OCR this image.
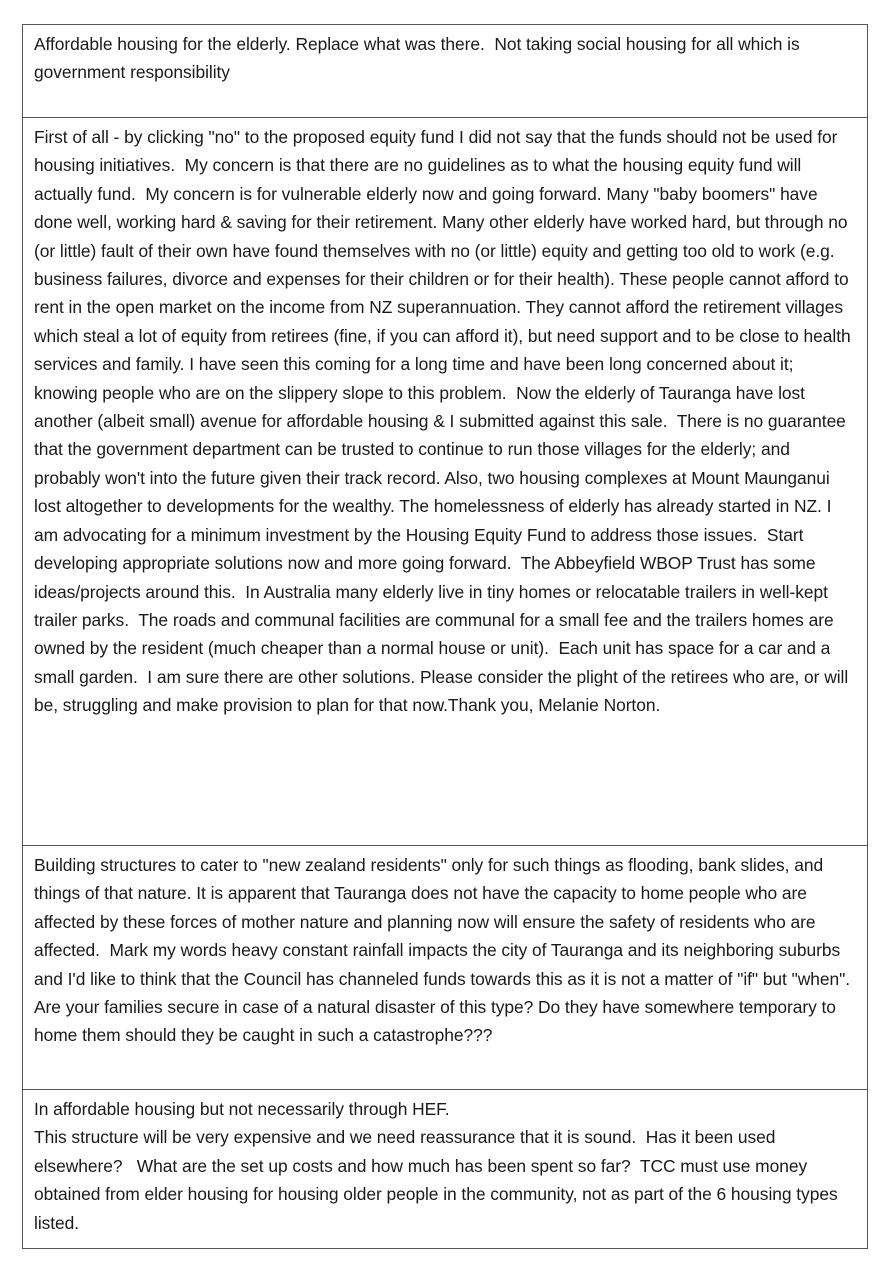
Affordable housing for the elderly. Replace what was there.  Not taking social housing for all which is government responsibility

First of all - by clicking "no" to the proposed equity fund I did not say that the funds should not be used for housing initiatives.  My concern is that there are no guidelines as to what the housing equity fund will actually fund.  My concern is for vulnerable elderly now and going forward. Many "baby boomers" have done well, working hard & saving for their retirement. Many other elderly have worked hard, but through no (or little) fault of their own have found themselves with no (or little) equity and getting too old to work (e.g. business failures, divorce and expenses for their children or for their health). These people cannot afford to rent in the open market on the income from NZ superannuation. They cannot afford the retirement villages which steal a lot of equity from retirees (fine, if you can afford it), but need support and to be close to health services and family. I have seen this coming for a long time and have been long concerned about it; knowing people who are on the slippery slope to this problem.  Now the elderly of Tauranga have lost another (albeit small) avenue for affordable housing & I submitted against this sale.  There is no guarantee that the government department can be trusted to continue to run those villages for the elderly; and probably won't into the future given their track record. Also, two housing complexes at Mount Maunganui lost altogether to developments for the wealthy. The homelessness of elderly has already started in NZ. I am advocating for a minimum investment by the Housing Equity Fund to address those issues.  Start developing appropriate solutions now and more going forward.  The Abbeyfield WBOP Trust has some ideas/projects around this.  In Australia many elderly live in tiny homes or relocatable trailers in well-kept trailer parks.  The roads and communal facilities are communal for a small fee and the trailers homes are owned by the resident (much cheaper than a normal house or unit).  Each unit has space for a car and a small garden.  I am sure there are other solutions. Please consider the plight of the retirees who are, or will be, struggling and make provision to plan for that now.Thank you, Melanie Norton.

Building structures to cater to "new zealand residents" only for such things as flooding, bank slides, and things of that nature. It is apparent that Tauranga does not have the capacity to home people who are affected by these forces of mother nature and planning now will ensure the safety of residents who are affected.  Mark my words heavy constant rainfall impacts the city of Tauranga and its neighboring suburbs and I'd like to think that the Council has channeled funds towards this as it is not a matter of "if" but "when".  Are your families secure in case of a natural disaster of this type? Do they have somewhere temporary to home them should they be caught in such a catastrophe???

In affordable housing but not necessarily through HEF.

This structure will be very expensive and we need reassurance that it is sound.  Has it been used elsewhere?   What are the set up costs and how much has been spent so far?  TCC must use money obtained from elder housing for housing older people in the community, not as part of the 6 housing types listed.
